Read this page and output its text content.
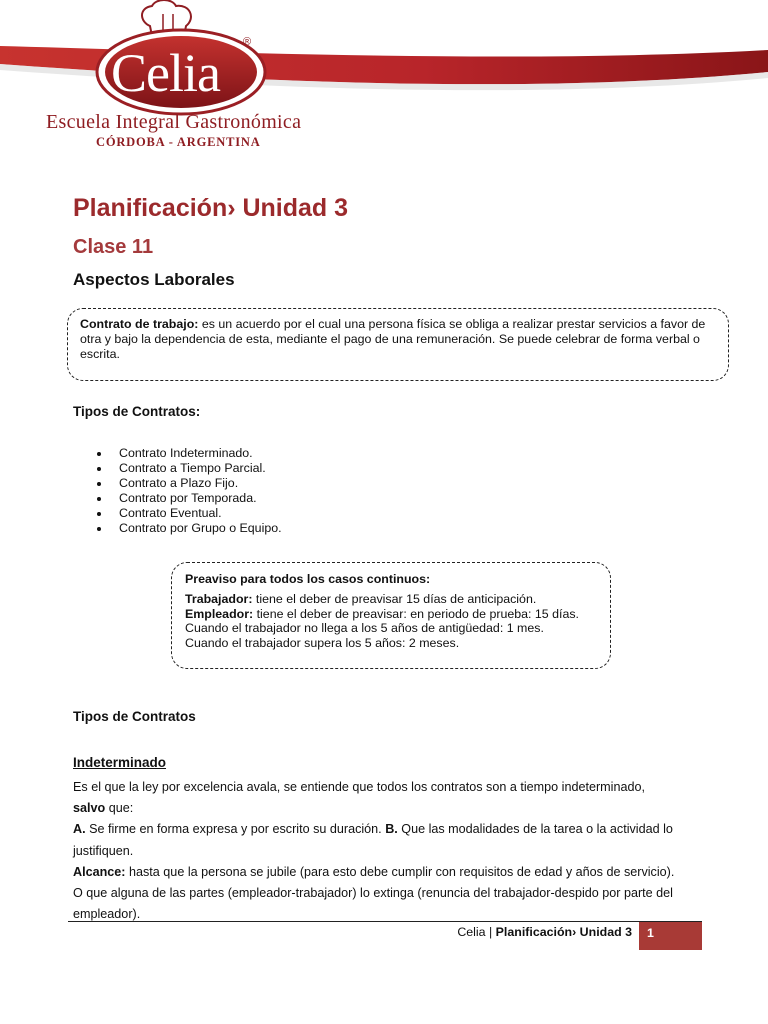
Celia
®
Escuela Integral Gastronómica
CÓRDOBA - ARGENTINA
Planificación› Unidad 3
Clase 11
Aspectos Laborales
Contrato de trabajo: es un acuerdo por el cual una persona física se obliga a realizar prestar servicios a favor de otra y bajo la dependencia de esta, mediante el pago de una remuneración. Se puede celebrar de forma verbal o escrita.
Tipos de Contratos:
Contrato Indeterminado.
Contrato a Tiempo Parcial.
Contrato a Plazo Fijo.
Contrato por Temporada.
Contrato Eventual.
Contrato por Grupo o Equipo.
Preaviso para todos los casos continuos:
Trabajador: tiene el deber de preavisar 15 días de anticipación.
Empleador: tiene el deber de preavisar: en periodo de prueba: 15 días.
Cuando el trabajador no llega a los 5 años de antigüedad: 1 mes.
Cuando el trabajador supera los 5 años: 2 meses.
Tipos de Contratos
Indeterminado

Es el que la ley por excelencia avala, se entiende que todos los contratos son a tiempo indeterminado,

salvo que:

A. Se firme en forma expresa y por escrito su duración. B. Que las modalidades de la tarea o la actividad lo justifiquen.

Alcance: hasta que la persona se jubile (para esto debe cumplir con requisitos de edad y años de servicio).

O que alguna de las partes (empleador-trabajador) lo extinga (renuncia del trabajador-despido por parte del empleador).

Celia | Planificación› Unidad 3 1
